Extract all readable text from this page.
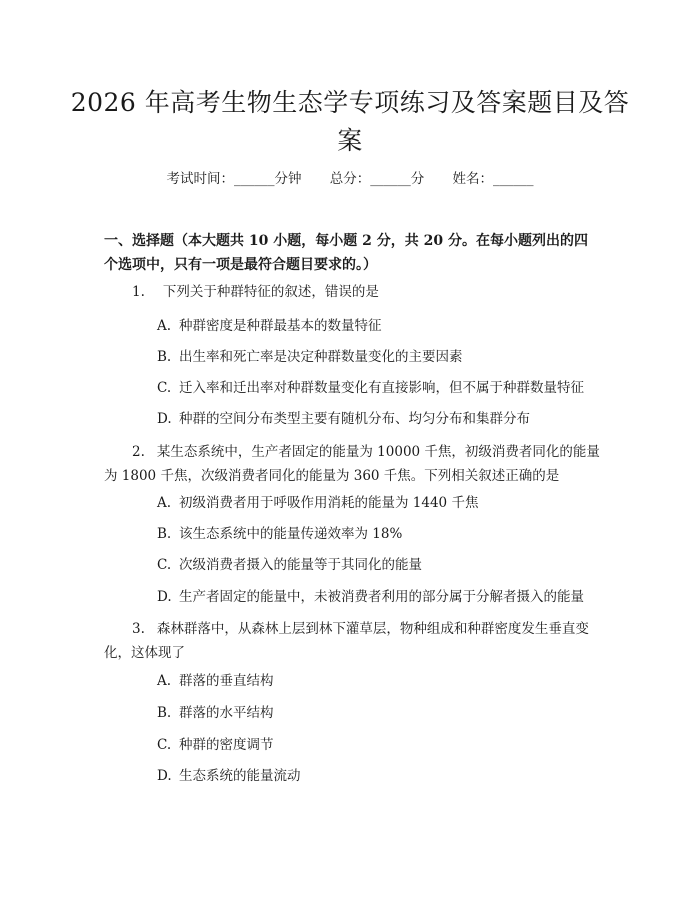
2026 年高考生物生态学专项练习及答案题目及答案
考试时间：______分钟 总分：______分 姓名：______

一、选择题（本大题共 10 小题，每小题 2 分，共 20 分。在每小题列出的四个选项中，只有一项是最符合题目要求的。）

1. 下列关于种群特征的叙述，错误的是
A. 种群密度是种群最基本的数量特征
B. 出生率和死亡率是决定种群数量变化的主要因素
C. 迁入率和迁出率对种群数量变化有直接影响，但不属于种群数量特征
D. 种群的空间分布类型主要有随机分布、均匀分布和集群分布
2. 某生态系统中，生产者固定的能量为 10000 千焦，初级消费者同化的能量为 1800 千焦，次级消费者同化的能量为 360 千焦。下列相关叙述正确的是
A. 初级消费者用于呼吸作用消耗的能量为 1440 千焦
B. 该生态系统中的能量传递效率为 18%
C. 次级消费者摄入的能量等于其同化的能量
D. 生产者固定的能量中，未被消费者利用的部分属于分解者摄入的能量
3. 森林群落中，从森林上层到林下灌草层，物种组成和种群密度发生垂直变化，这体现了
A. 群落的垂直结构
B. 群落的水平结构
C. 种群的密度调节
D. 生态系统的能量流动
